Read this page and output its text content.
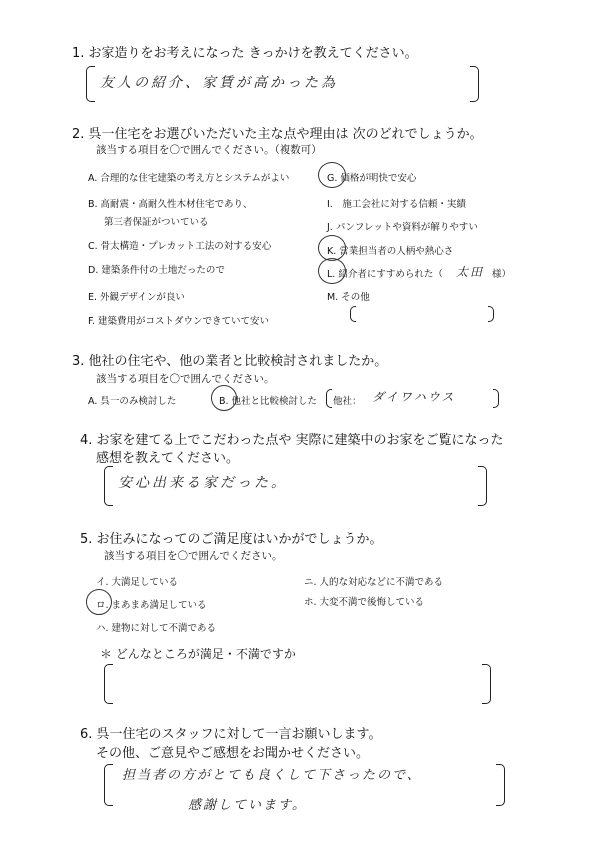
1. お家造りをお考えになった きっかけを教えてください。
友人の紹介、家賃が高かった為
2. 呉一住宅をお選びいただいた主な点や理由は 次のどれでしょうか。
該当する項目を〇で囲んでください。（複数可）
A. 合理的な住宅建築の考え方とシステムがよい
B. 高耐震・高耐久性木材住宅であり、
第三者保証がついている
C. 骨太構造・プレカット工法の対する安心
D. 建築条件付の土地だったので
E. 外観デザインが良い
F. 建築費用がコストダウンできていて安い
G. 価格が明快で安心
I.　施工会社に対する信頼・実績
J. パンフレットや資料が解りやすい
K. 営業担当者の人柄や熱心さ
L. 紹介者にすすめられた（ 太田 様）
M. その他
3. 他社の住宅や、他の業者と比較検討されましたか。
該当する項目を〇で囲んでください。
A. 呉一のみ検討した	B. 他社と比較検討した 他社： ダイワハウス
4. お家を建てる上でこだわった点や 実際に建築中のお家をご覧になった
感想を教えてください。
安心出来る家だった。
5. お住みになってのご満足度はいかがでしょうか。
該当する項目を〇で囲んでください。
イ. 大満足している
ロ. まあまあ満足している
ハ. 建物に対して不満である
ニ. 人的な対応などに不満である
ホ. 大変不満で後悔している
＊ どんなところが満足・不満ですか
6. 呉一住宅のスタッフに対して一言お願いします。
その他、ご意見やご感想をお聞かせください。
担当者の方がとても良くして下さったので、
感謝しています。
